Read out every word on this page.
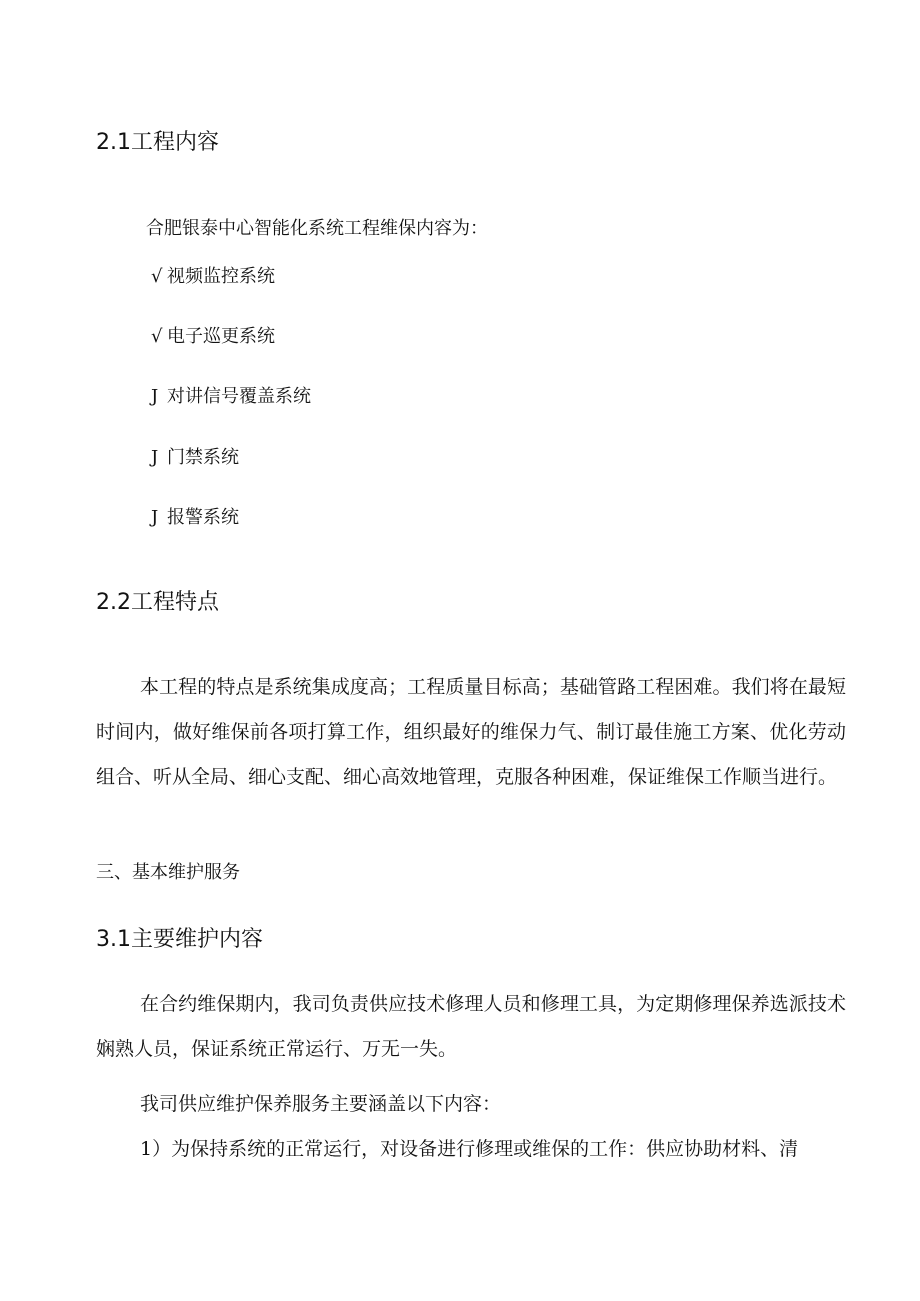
2.1工程内容

合肥银泰中心智能化系统工程维保内容为：

√ 视频监控系统
√ 电子巡更系统
J 对讲信号覆盖系统
J 门禁系统
J 报警系统
2.2工程特点

本工程的特点是系统集成度高；工程质量目标高；基础管路工程困难。我们将在最短时间内，做好维保前各项打算工作，组织最好的维保力气、制订最佳施工方案、优化劳动组合、听从全局、细心支配、细心高效地管理，克服各种困难，保证维保工作顺当进行。

三、基本维护服务

3.1主要维护内容

在合约维保期内，我司负责供应技术修理人员和修理工具，为定期修理保养选派技术娴熟人员，保证系统正常运行、万无一失。

我司供应维护保养服务主要涵盖以下内容：

1）为保持系统的正常运行，对设备进行修理或维保的工作：供应协助材料、清
